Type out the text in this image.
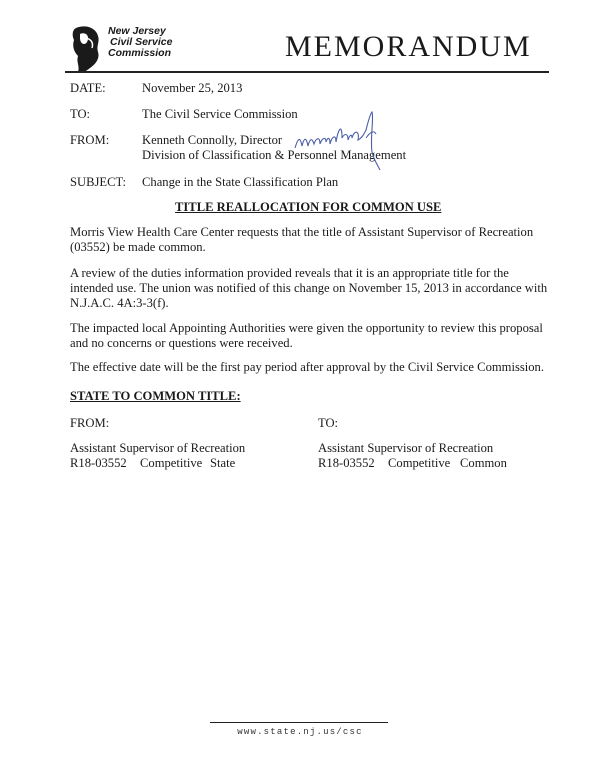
New Jersey
Civil Service
Commission	MEMORANDUM
DATE:	November 25, 2013
TO:	The Civil Service Commission
FROM:	Kenneth Connolly, Director
Division of Classification & Personnel Management
SUBJECT: Change in the State Classification Plan
TITLE REALLOCATION FOR COMMON USE
Morris View Health Care Center requests that the title of Assistant Supervisor of Recreation (03552) be made common.
A review of the duties information provided reveals that it is an appropriate title for the intended use. The union was notified of this change on November 15, 2013 in accordance with N.J.A.C. 4A:3-3(f).
The impacted local Appointing Authorities were given the opportunity to review this proposal and no concerns or questions were received.
The effective date will be the first pay period after approval by the Civil Service Commission.
STATE TO COMMON TITLE:
FROM:
Assistant Supervisor of Recreation
R18-03552 Competitive State
TO:
Assistant Supervisor of Recreation
R18-03552 Competitive Common
www.state.nj.us/csc
